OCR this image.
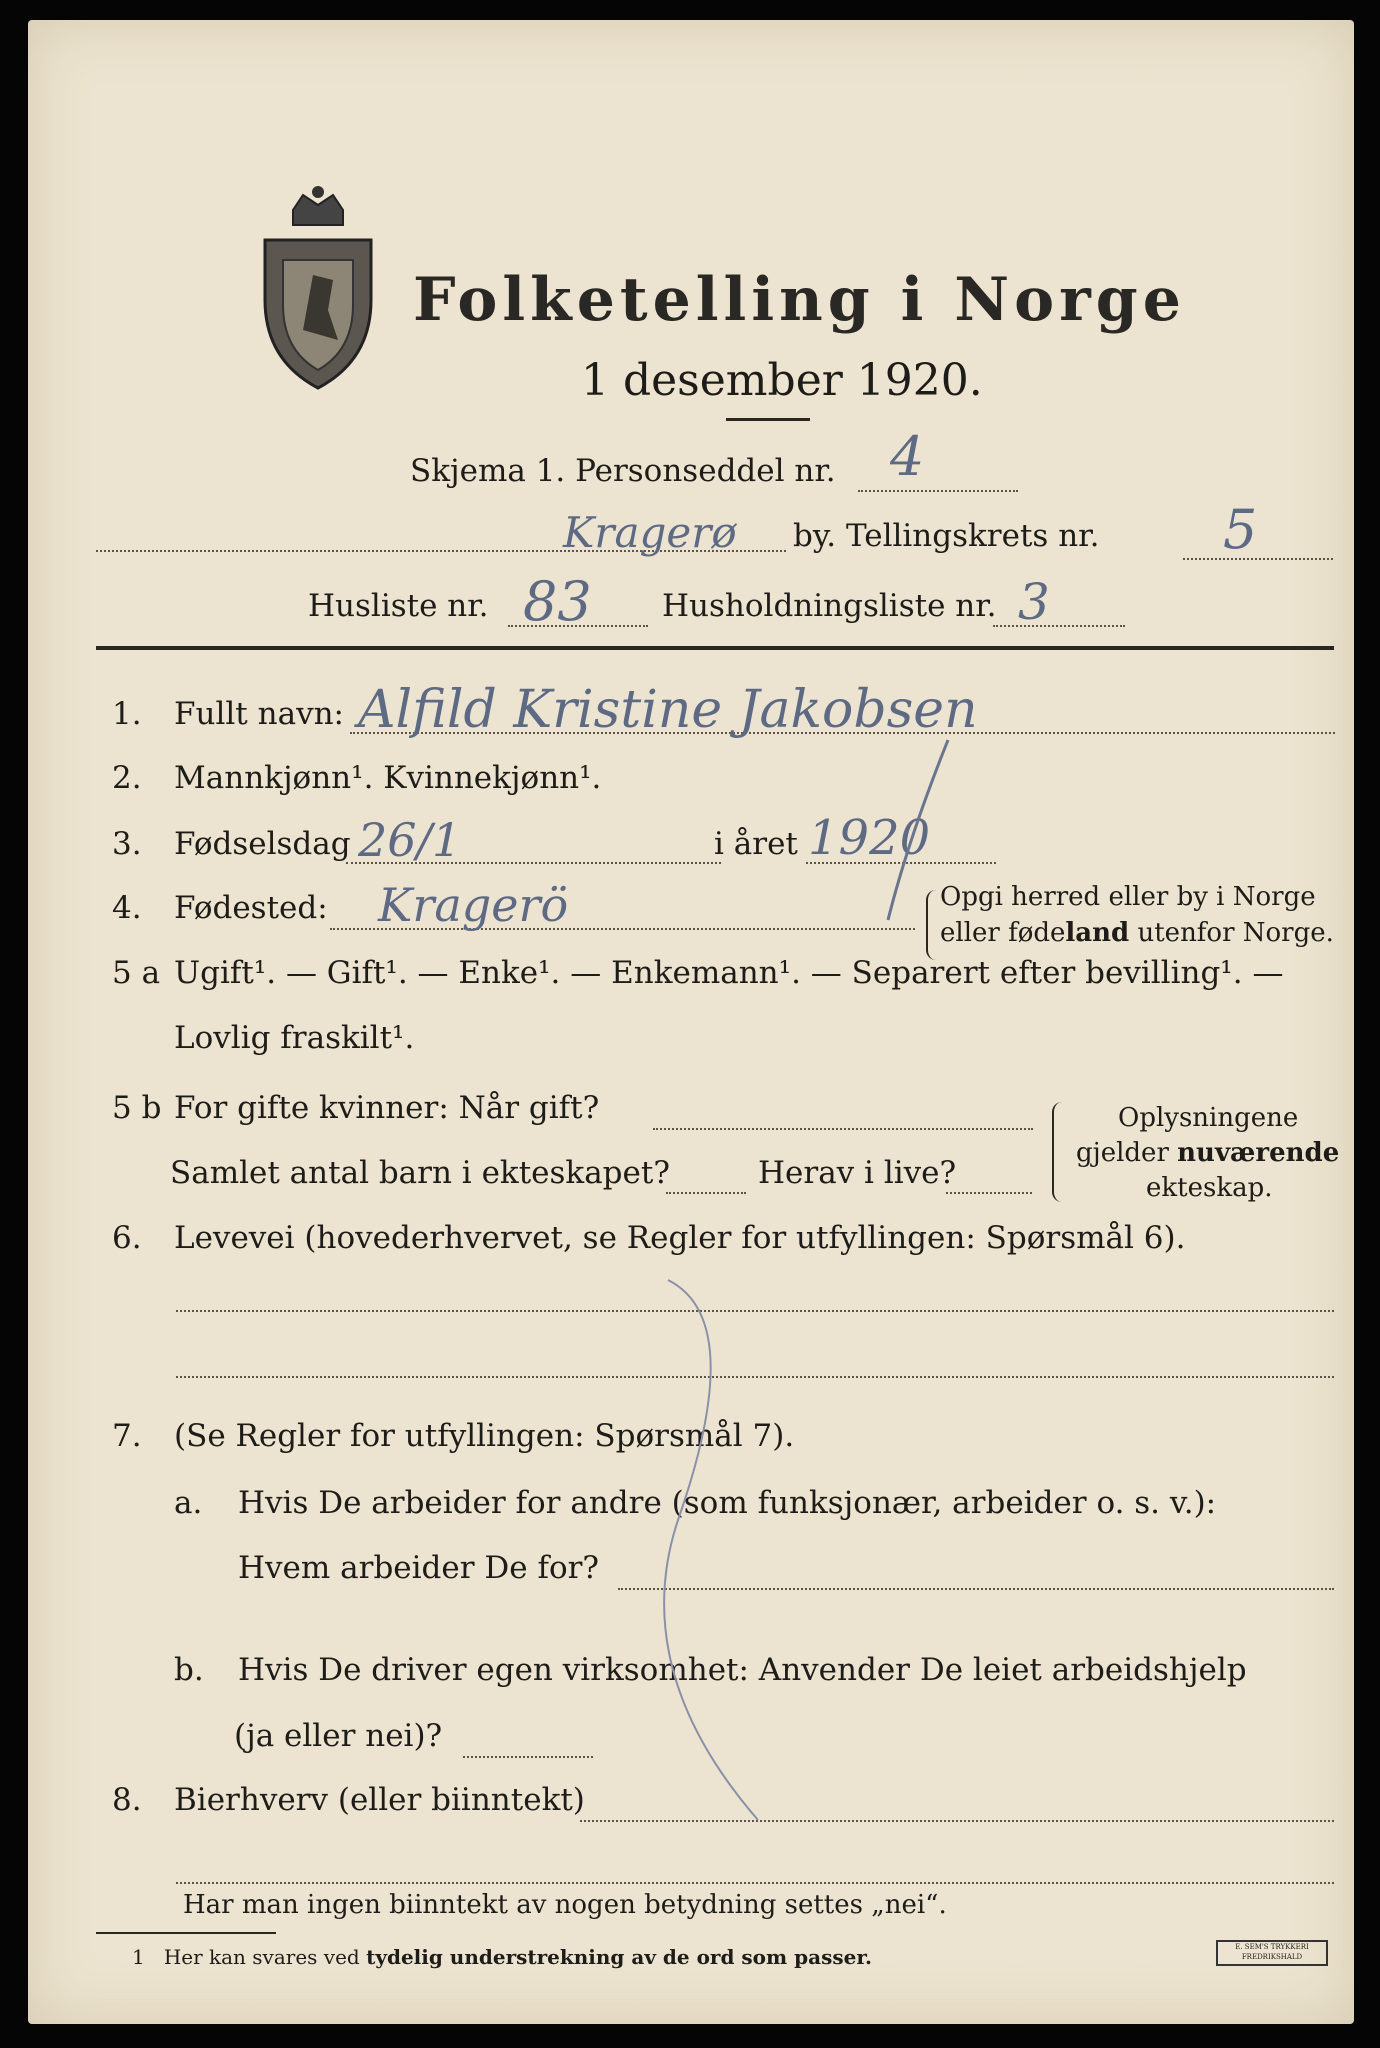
Folketelling i Norge
1 desember 1920.
Skjema 1. Personseddel nr. 4
Kragerø by. Tellingskrets nr. 5
Husliste nr. 83 Husholdningsliste nr. 3
1. Fullt navn: Alfild Kristine Jakobsen
2. Mannkjønn¹. Kvinnekjønn¹.
3. Fødselsdag 26/1	i året 1920
4. Fødested: Kragerö	Opgi herred eller by i Norge
eller fødeland utenfor Norge.
5 a Ugift¹. — Gift¹. — Enke¹. — Enkemann¹. — Separert efter bevilling¹. —
Lovlig fraskilt¹.
5 b For gifte kvinner: Når gift?
Samlet antal barn i ekteskapet?	Herav i live?
Oplysningene
gjelder nuværende
ekteskap.
6. Levevei (hovederhvervet, se Regler for utfyllingen: Spørsmål 6).
7. (Se Regler for utfyllingen: Spørsmål 7).
a. Hvis De arbeider for andre (som funksjonær, arbeider o. s. v.):
Hvem arbeider De for?
b. Hvis De driver egen virksomhet: Anvender De leiet arbeidshjelp
(ja eller nei)?
8. Bierhverv (eller biinntekt)
Har man ingen biinntekt av nogen betydning settes „nei“.
1 Her kan svares ved tydelig understrekning av de ord som passer.	E. SEM'S TRYKKERI
FREDRIKSHALD
